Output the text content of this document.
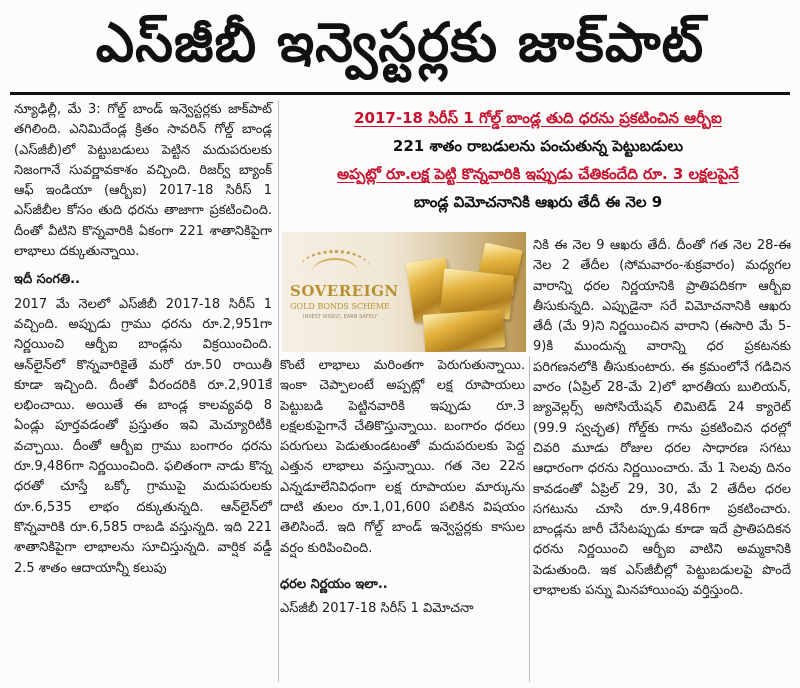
ఎస్‌జీబీ ఇన్వెస్టర్లకు జాక్‌పాట్

న్యూఢిల్లీ, మే 3: గోల్డ్ బాండ్ ఇన్వెస్టర్లకు జాక్‌పాట్ తగిలింది. ఎనిమిదేండ్ల క్రితం సావరిన్ గోల్డ్ బాండ్ల (ఎస్‌జీబీ)లో పెట్టుబడులు పెట్టిన మదుపరులకు నిజంగానే సువర్ణావకాశం వచ్చింది. రిజర్వ్ బ్యాంక్ ఆఫ్ ఇండియా (ఆర్బీఐ) 2017-18 సిరీస్ 1 ఎస్‌జీబీల కోసం తుది ధరను తాజాగా ప్రకటించింది. దీంతో వీటిని కొన్నవారికి ఏకంగా 221 శాతానికిపైగా లాభాలు దక్కుతున్నాయి.

ఇదీ సంగతి..

2017 మే నెలలో ఎస్‌జీబీ 2017-18 సిరీస్ 1 వచ్చింది. అప్పుడు గ్రాము ధరను రూ.2,951గా నిర్ణయించి ఆర్బీఐ బాండ్లను విక్రయించింది. ఆన్‌లైన్‌లో కొన్నవారికైతే మరో రూ.50 రాయితీ కూడా ఇచ్చింది. దీంతో వీరందరికి రూ.2,901కే లభించాయి. అయితే ఈ బాండ్ల కాలవ్యవధి 8 ఏండ్లు పూర్తవడంతో ప్రస్తుతం ఇవి మెచ్యూరిటీకి వచ్చాయి. దీంతో ఆర్బీఐ గ్రాము బంగారం ధరను రూ.9,486గా నిర్ణయించింది. ఫలితంగా నాడు కొన్న ధరతో చూస్తే ఒక్కో గ్రాముపై మదుపరులకు రూ.6,535 లాభం దక్కుతున్నది. ఆన్‌లైన్‌లో కొన్నవారికి రూ.6,585 రాబడి వస్తున్నది. ఇది 221 శాతానికిపైగా లాభాలను సూచిస్తున్నది. వార్షిక వడ్డీ 2.5 శాతం ఆదాయాన్నీ కలుపు

2017-18 సిరీస్ 1 గోల్డ్ బాండ్ల తుది ధరను ప్రకటించిన ఆర్బీఐ
221 శాతం రాబడులను పంచుతున్న పెట్టుబడులు
అప్పట్లో రూ.లక్ష పెట్టి కొన్నవారికి ఇప్పుడు చేతికందేది రూ. 3 లక్షలపైనే
బాండ్ల విమోచనానికి ఆఖరు తేదీ ఈ నెల 9
SOVEREIGN
GOLD BONDS SCHEME
INVEST WISELY, EARN SAFELY

కొంటే లాభాలు మరింతగా పెరుగుతున్నాయి. ఇంకా చెప్పాలంటే అప్పట్లో లక్ష రూపాయలు పెట్టుబడి పెట్టినవారికి ఇప్పుడు రూ.3 లక్షలకుపైగానే చేతికొస్తున్నాయి. బంగారం ధరలు పరుగులు పెడుతుండటంతో మదుపరులకు పెద్ద ఎత్తున లాభాలు వస్తున్నాయి. గత నెల 22న ఎన్నడూలేనివిధంగా లక్ష రూపాయల మార్కును దాటి తులం రూ.1,01,600 పలికిన విషయం తెలిసిందే. ఇది గోల్డ్ బాండ్ ఇన్వెస్టర్లకు కాసుల వర్షం కురిపించింది.

ధరల నిర్ణయం ఇలా..

ఎస్‌జీబీ 2017-18 సిరీస్ 1 విమోచనా

నికి ఈ నెల 9 ఆఖరు తేదీ. దీంతో గత నెల 28-ఈ నెల 2 తేదీల (సోమవారం-శుక్రవారం) మధ్యగల వారాన్ని ధరల నిర్ణయానికి ప్రాతిపదికగా ఆర్బీఐ తీసుకున్నది. ఎప్పుడైనా సరే విమోచనానికి ఆఖరు తేదీ (మే 9)ని నిర్ణయించిన వారాని (ఈసారి మే 5-9)కి ముందున్న వారాన్ని ధర ప్రకటనకు పరిగణనలోకి తీసుకుంటారు. ఈ క్రమంలోనే గడిచిన వారం (ఏప్రిల్ 28-మే 2)లో భారతీయ బులియన్, జ్యువెల్లర్స్ అసోసియేషన్ లిమిటెడ్ 24 క్యారెట్ (99.9 స్వచ్ఛత) గోల్డ్‌కు గాను ప్రకటించిన ధరల్లో చివరి మూడు రోజుల ధరల సాధారణ సగటు ఆధారంగా ధరను నిర్ణయించారు. మే 1 సెలవు దినం కావడంతో ఏప్రిల్ 29, 30, మే 2 తేదీల ధరల సగటును చూసి రూ.9,486గా ప్రకటించారు. బాండ్లను జారీ చేసేటప్పుడు కూడా ఇదే ప్రాతిపదికన ధరను నిర్ణయించి ఆర్బీఐ వాటిని అమ్మకానికి పెడుతుంది. ఇక ఎస్‌జీబీల్లో పెట్టుబడులపై పొందే లాభాలకు పన్ను మినహాయింపు వర్తిస్తుంది.
